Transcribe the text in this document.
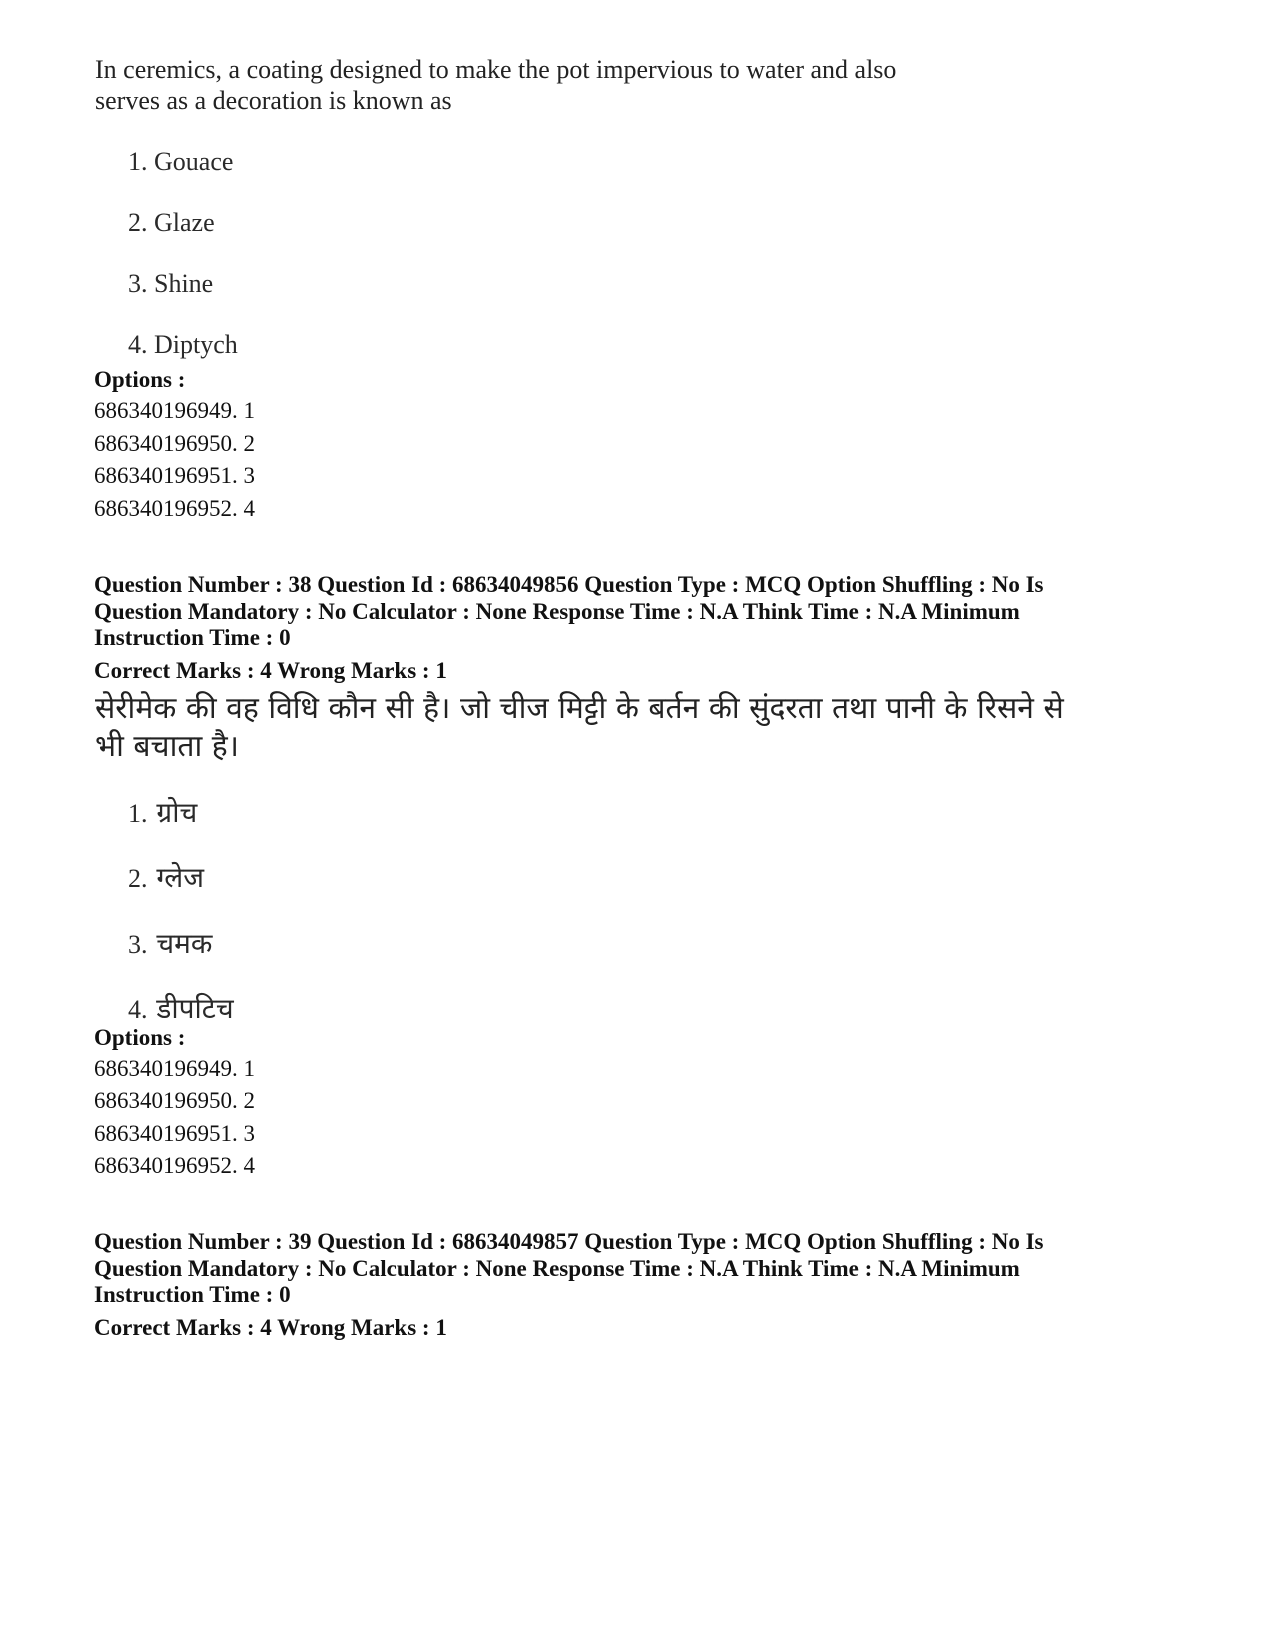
In ceremics, a coating designed to make the pot impervious to water and also
serves as a decoration is known as
1. Gouace
2. Glaze
3. Shine
4. Diptych
Options :
686340196949. 1
686340196950. 2
686340196951. 3
686340196952. 4
Question Number : 38 Question Id : 68634049856 Question Type : MCQ Option Shuffling : No Is
Question Mandatory : No Calculator : None Response Time : N.A Think Time : N.A Minimum
Instruction Time : 0
Correct Marks : 4 Wrong Marks : 1
सेरीमेक की वह विधि कौन सी है। जो चीज मिट्टी के बर्तन की सुंदरता तथा पानी के रिसने से
भी बचाता है।
1. ग्रोच
2. ग्लेज
3. चमक
4. डीपटिच
Options :
686340196949. 1
686340196950. 2
686340196951. 3
686340196952. 4
Question Number : 39 Question Id : 68634049857 Question Type : MCQ Option Shuffling : No Is
Question Mandatory : No Calculator : None Response Time : N.A Think Time : N.A Minimum
Instruction Time : 0
Correct Marks : 4 Wrong Marks : 1
